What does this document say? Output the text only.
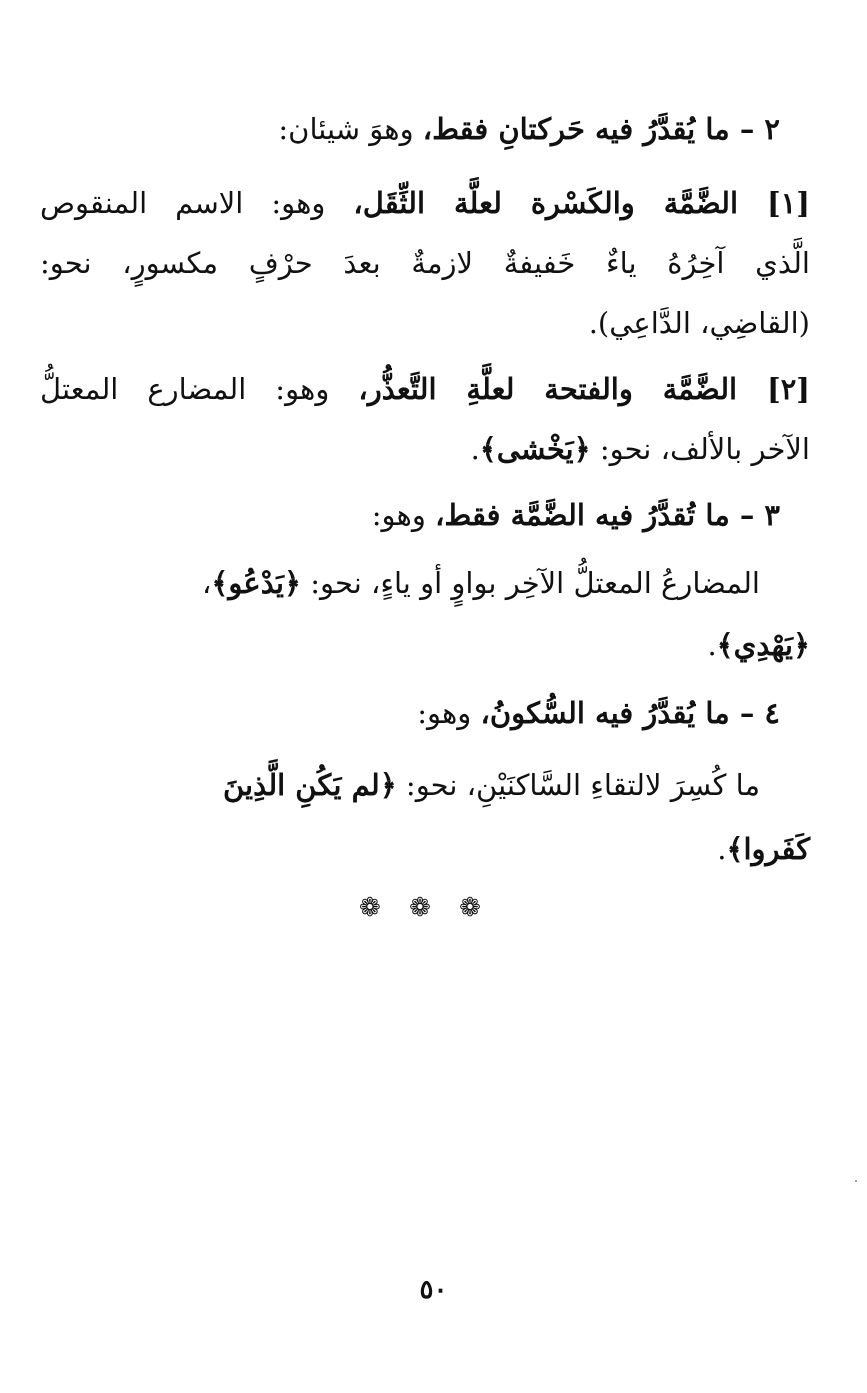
٢ – ما يُقدَّرُ فيه حَركتانِ فقط، وهوَ شيئان:
[١] الضَّمَّة والكَسْرة لعلَّة الثِّقَل، وهو: الاسم المنقوص
الَّذي آخِرُهُ ياءٌ خَفيفةٌ لازمةٌ بعدَ حرْفٍ مكسورٍ، نحو:
(القاضِي، الدَّاعِي).
[٢] الضَّمَّة والفتحة لعلَّةِ التَّعذُّر، وهو: المضارع المعتلُّ
الآخر بالألف، نحو: ﴿يَخْشى﴾.
٣ – ما تُقدَّرُ فيه الضَّمَّة فقط، وهو:
المضارعُ المعتلُّ الآخِر بواوٍ أو ياءٍ، نحو: ﴿يَدْعُو﴾،
﴿يَهْدِي﴾.
٤ – ما يُقدَّرُ فيه السُّكونُ، وهو:
ما كُسِرَ لالتقاءِ السَّاكنَيْنِ، نحو: ﴿لم يَكُنِ الَّذِينَ
كَفَروا﴾.
❁ ❁ ❁
٥٠
